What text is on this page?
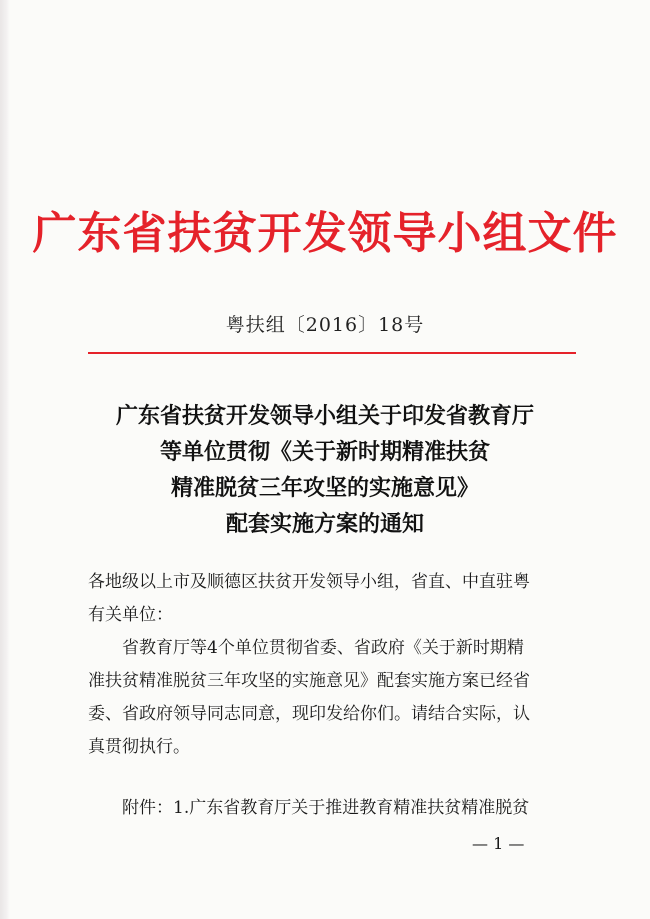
广东省扶贫开发领导小组文件
粤扶组〔2016〕18号
广东省扶贫开发领导小组关于印发省教育厅
等单位贯彻《关于新时期精准扶贫
精准脱贫三年攻坚的实施意见》
配套实施方案的通知
各地级以上市及顺德区扶贫开发领导小组，省直、中直驻粤
有关单位：
省教育厅等4个单位贯彻省委、省政府《关于新时期精
准扶贫精准脱贫三年攻坚的实施意见》配套实施方案已经省
委、省政府领导同志同意，现印发给你们。请结合实际，认
真贯彻执行。
附件：1.广东省教育厅关于推进教育精准扶贫精准脱贫
— 1 —
